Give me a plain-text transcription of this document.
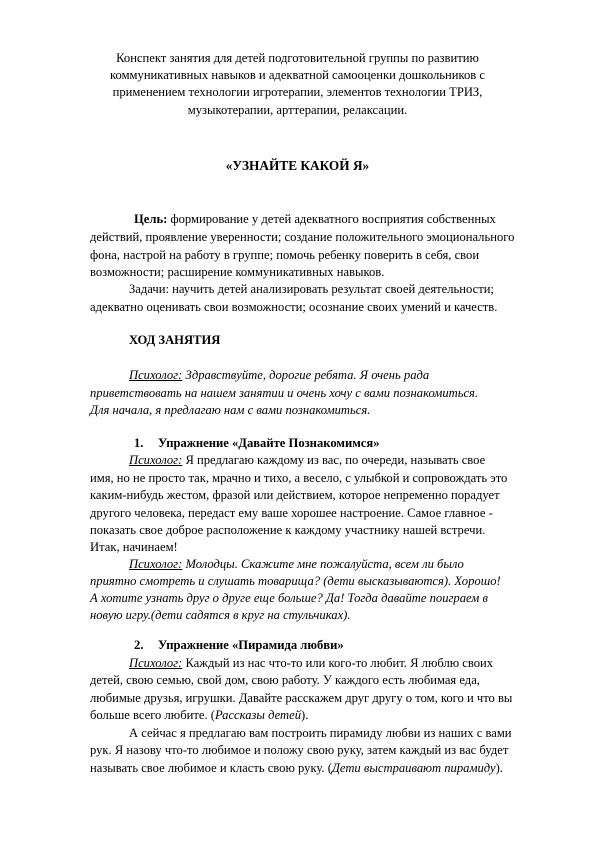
Конспект занятия для детей подготовительной группы по развитию
коммуникативных навыков и адекватной самооценки дошкольников с
применением технологии игротерапии, элементов технологии ТРИЗ,
музыкотерапии, арттерапии, релаксации.
«УЗНАЙТЕ КАКОЙ Я»
Цель: формирование у детей адекватного восприятия собственных
действий, проявление уверенности; создание положительного эмоционального
фона, настрой на работу в группе; помочь ребенку поверить в себя, свои
возможности; расширение коммуникативных навыков.
Задачи: научить детей анализировать результат своей деятельности;
адекватно оценивать свои возможности; осознание своих умений и качеств.
ХОД ЗАНЯТИЯ
Психолог: Здравствуйте, дорогие ребята. Я очень рада
приветствовать на нашем занятии и очень хочу с вами познакомиться.
Для начала, я предлагаю нам с вами познакомиться.
1. Упражнение «Давайте Познакомимся»
Психолог: Я предлагаю каждому из вас, по очереди, называть свое
имя, но не просто так, мрачно и тихо, а весело, с улыбкой и сопровождать это
каким-нибудь жестом, фразой или действием, которое непременно порадует
другого человека, передаст ему ваше хорошее настроение. Самое главное -
показать свое доброе расположение к каждому участнику нашей встречи.
Итак, начинаем!
Психолог: Молодцы. Скажите мне пожалуйста, всем ли было
приятно смотреть и слушать товарища? (дети высказываются). Хорошо!
А хотите узнать друг о друге еще больше? Да! Тогда давайте поиграем в
новую игру.(дети садятся в круг на стульчиках).
2. Упражнение «Пирамида любви»
Психолог: Каждый из нас что-то или кого-то любит. Я люблю своих
детей, свою семью, свой дом, свою работу. У каждого есть любимая еда,
любимые друзья, игрушки. Давайте расскажем друг другу о том, кого и что вы
больше всего любите. (Рассказы детей).
А сейчас я предлагаю вам построить пирамиду любви из наших с вами
рук. Я назову что-то любимое и положу свою руку, затем каждый из вас будет
называть свое любимое и класть свою руку. (Дети выстраивают пирамиду).
